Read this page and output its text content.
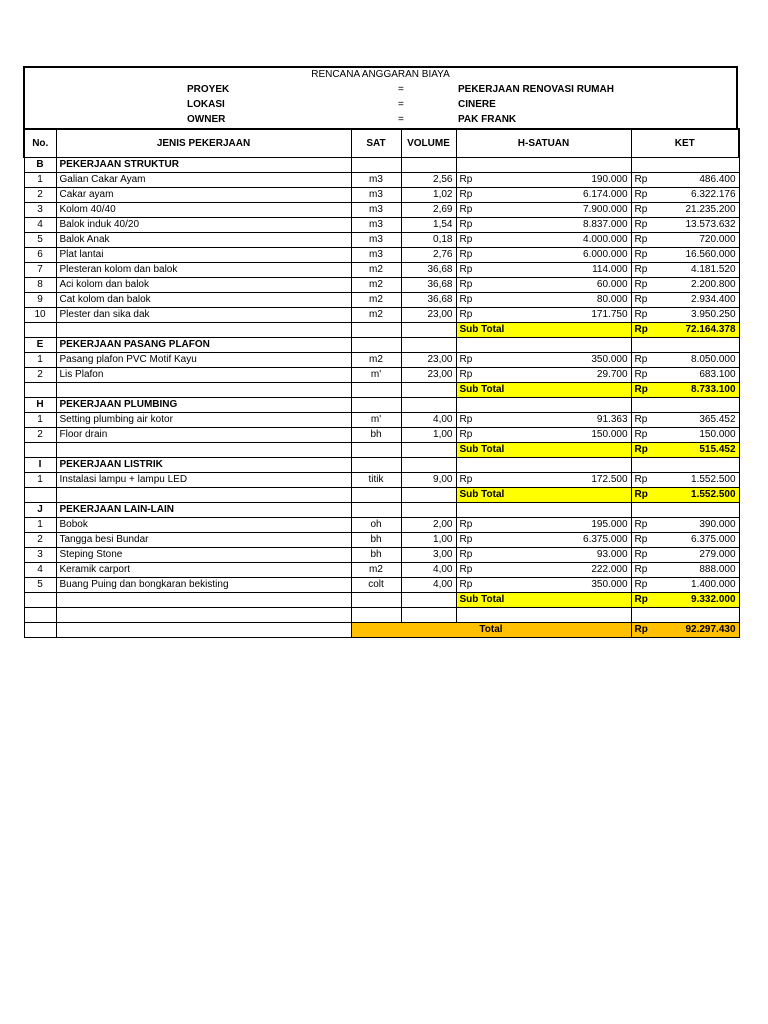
RENCANA ANGGARAN BIAYA
PROYEK	=	PEKERJAAN RENOVASI RUMAH
LOKASI	=	CINERE
OWNER	=	PAK FRANK
No.	JENIS PEKERJAAN	SAT	VOLUME	H-SATUAN		KET	
B	PEKERJAAN STRUKTUR						
1	Galian Cakar Ayam	m3	2,56	Rp	190.000	Rp	486.400
2	Cakar ayam	m3	1,02	Rp	6.174.000	Rp	6.322.176
3	Kolom 40/40	m3	2,69	Rp	7.900.000	Rp	21.235.200
4	Balok induk 40/20	m3	1,54	Rp	8.837.000	Rp	13.573.632
5	Balok Anak	m3	0,18	Rp	4.000.000	Rp	720.000
6	Plat lantai	m3	2,76	Rp	6.000.000	Rp	16.560.000
7	Plesteran kolom dan balok	m2	36,68	Rp	114.000	Rp	4.181.520
8	Aci kolom dan balok	m2	36,68	Rp	60.000	Rp	2.200.800
9	Cat kolom dan balok	m2	36,68	Rp	80.000	Rp	2.934.400
10	Plester dan sika dak	m2	23,00	Rp	171.750	Rp	3.950.250
				Sub Total		Rp	72.164.378
E	PEKERJAAN PASANG PLAFON						
1	Pasang plafon PVC Motif Kayu	m2	23,00	Rp	350.000	Rp	8.050.000
2	Lis Plafon	m'	23,00	Rp	29.700	Rp	683.100
				Sub Total		Rp	8.733.100
H	PEKERJAAN PLUMBING						
1	Setting plumbing air kotor	m'	4,00	Rp	91.363	Rp	365.452
2	Floor drain	bh	1,00	Rp	150.000	Rp	150.000
				Sub Total		Rp	515.452
I	PEKERJAAN LISTRIK						
1	Instalasi lampu + lampu LED	titik	9,00	Rp	172.500	Rp	1.552.500
				Sub Total		Rp	1.552.500
J	PEKERJAAN LAIN-LAIN						
1	Bobok	oh	2,00	Rp	195.000	Rp	390.000
2	Tangga besi Bundar	bh	1,00	Rp	6.375.000	Rp	6.375.000
3	Steping Stone	bh	3,00	Rp	93.000	Rp	279.000
4	Keramik carport	m2	4,00	Rp	222.000	Rp	888.000
5	Buang Puing dan bongkaran bekisting	colt	4,00	Rp	350.000	Rp	1.400.000
				Sub Total		Rp	9.332.000

		Total				Rp	92.297.430
